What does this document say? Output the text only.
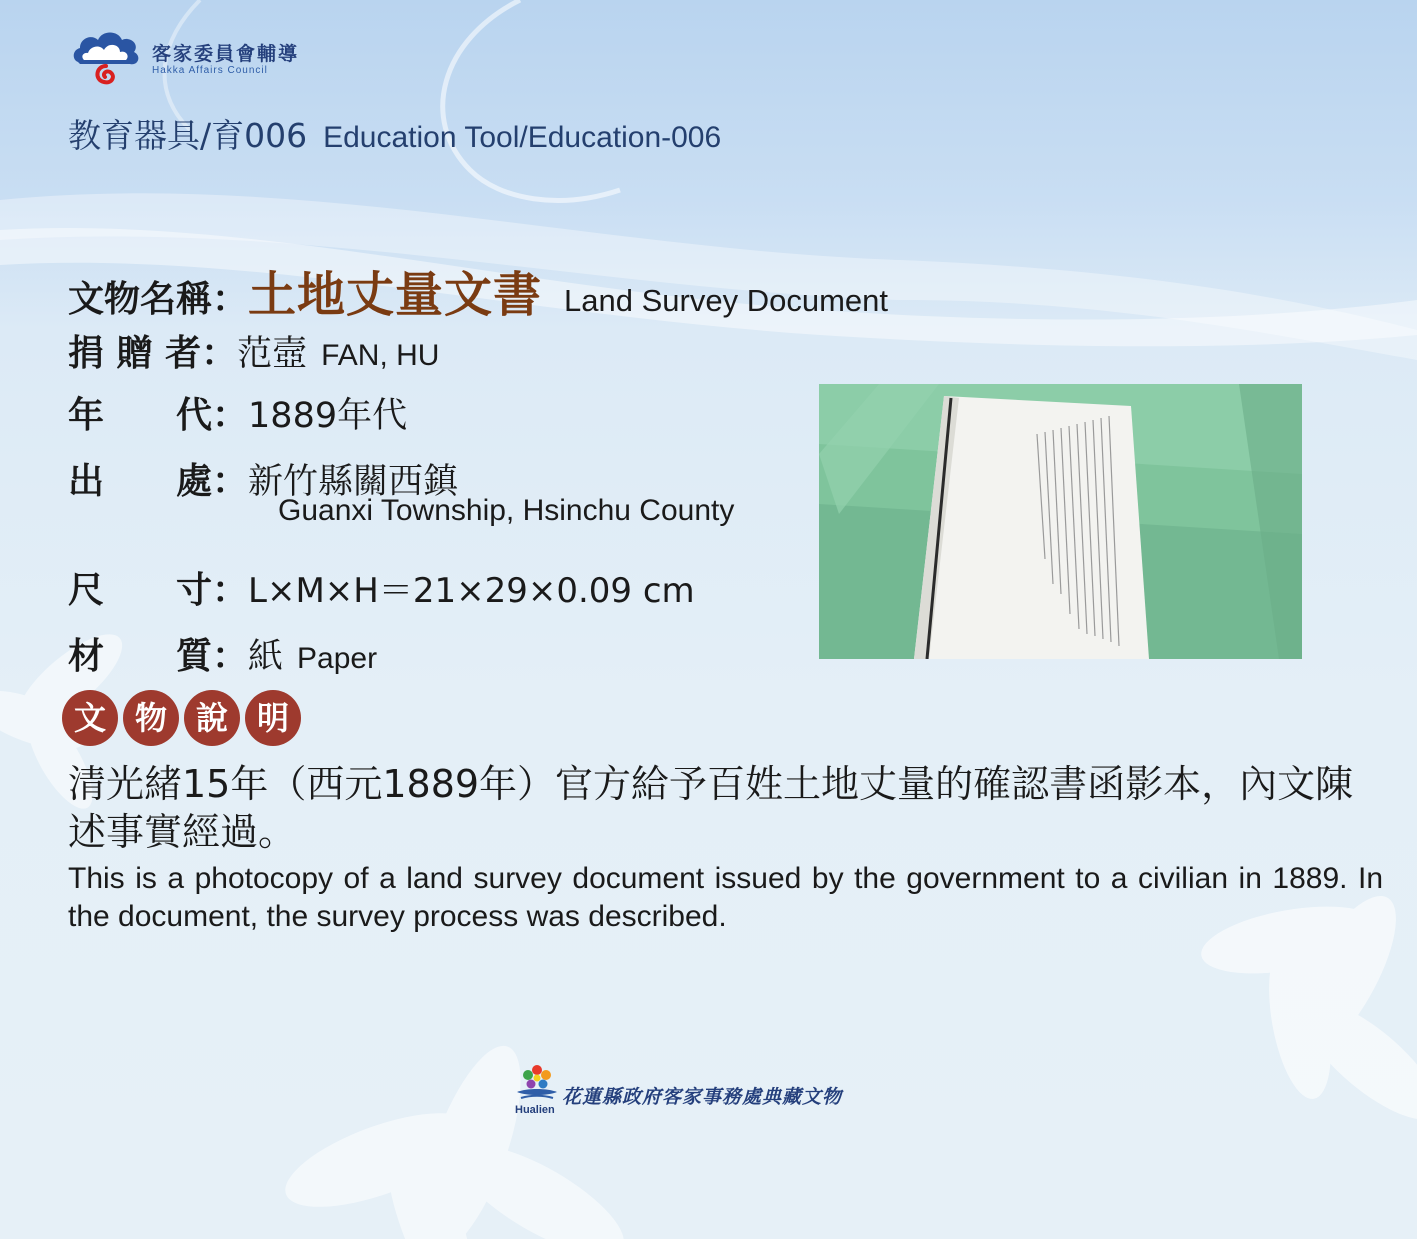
客家委員會輔導
Hakka Affairs Council
教育器具/育006 Education Tool/Education-006
文物名稱：土地丈量文書 Land Survey Document
捐 贈 者：范壼 FAN, HU
年　　代：1889年代
出　　處：新竹縣關西鎮
Guanxi Township, Hsinchu County
尺　　寸：L×M×H＝21×29×0.09 cm
材　　質：紙 Paper
文 物 說 明
清光緒15年（西元1889年）官方給予百姓土地丈量的確認書函影本，內文陳述事實經過。
This is a photocopy of a land survey document issued by the government to a civilian in 1889. In the document, the survey process was described.
花蓮縣政府客家事務處典藏文物
Hualien
